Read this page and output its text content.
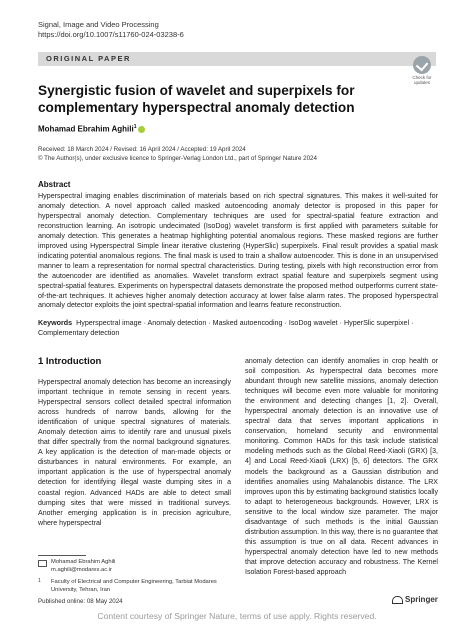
Signal, Image and Video Processing
https://doi.org/10.1007/s11760-024-03238-6
ORIGINAL PAPER
Check for updates
Synergistic fusion of wavelet and superpixels for complementary hyperspectral anomaly detection
Mohamad Ebrahim Aghili$^1$
Received: 18 March 2024 / Revised: 16 April 2024 / Accepted: 19 April 2024
© The Author(s), under exclusive licence to Springer-Verlag London Ltd., part of Springer Nature 2024
Abstract
Hyperspectral imaging enables discrimination of materials based on rich spectral signatures. This makes it well-suited for anomaly detection. A novel approach called masked autoencoding anomaly detector is proposed in this paper for hyperspectral anomaly detection. Complementary techniques are used for spectral-spatial feature extraction and reconstruction learning. An isotropic undecimated (IsoDog) wavelet transform is first applied with parameters suitable for anomaly detection. This generates a heatmap highlighting potential anomalous regions. These masked regions are further improved using Hyperspectral Simple linear iterative clustering (HyperSlic) superpixels. Final result provides a spatial mask indicating potential anomalous regions. The final mask is used to train a shallow autoencoder. This is done in an unsupervised manner to learn a representation for normal spectral characteristics. During testing, pixels with high reconstruction error from the autoencoder are identified as anomalies. Wavelet transform extract spatial feature and superpixels segment using spectral-spatial features. Experiments on hyperspectral datasets demonstrate the proposed method outperforms current state-of-the-art techniques. It achieves higher anomaly detection accuracy at lower false alarm rates. The proposed hyperspectral anomaly detector exploits the joint spectral-spatial information and learns feature reconstruction.
Keywords Hyperspectral image · Anomaly detection · Masked autoencoding · IsoDog wavelet · HyperSlic superpixel · Complementary detection
1 Introduction
Hyperspectral anomaly detection has become an increasingly important technique in remote sensing in recent years. Hyperspectral sensors collect detailed spectral information across hundreds of narrow bands, allowing for the identification of unique spectral signatures of materials. Anomaly detection aims to identify rare and unusual pixels that differ spectrally from the normal background signatures. A key application is the detection of man-made objects or disturbances in natural environments. For example, an important application is the use of hyperspectral anomaly detection for identifying illegal waste dumping sites in a coastal region. Advanced HADs are able to detect small dumping sites that were missed in traditional surveys. Another emerging application is in precision agriculture, where hyperspectral
anomaly detection can identify anomalies in crop health or soil composition. As hyperspectral data becomes more abundant through new satellite missions, anomaly detection techniques will become even more valuable for monitoring the environment and detecting changes [1, 2]. Overall, hyperspectral anomaly detection is an innovative use of spectral data that serves important applications in conservation, homeland security and environmental monitoring. Common HADs for this task include statistical modeling methods such as the Global Reed-Xiaoli (GRX) [3, 4] and Local Reed-Xiaoli (LRX) [5, 6] detectors. The GRX models the background as a Gaussian distribution and identifies anomalies using Mahalanobis distance. The LRX improves upon this by estimating background statistics locally to adapt to heterogeneous backgrounds. However, LRX is sensitive to the local window size parameter. The major disadvantage of such methods is the initial Gaussian distribution assumption. In this way, there is no guarantee that this assumption is true on all data. Recent advances in hyperspectral anomaly detection have led to new methods that improve detection accuracy and robustness. The Kernel Isolation Forest-based approach
Mohamad Ebrahim Aghili
m.aghili@modares.ac.ir
1 Faculty of Electrical and Computer Engineering, Tarbiat Modares University, Tehran, Iran
Published online: 08 May 2024	Springer
Content courtesy of Springer Nature, terms of use apply. Rights reserved.
